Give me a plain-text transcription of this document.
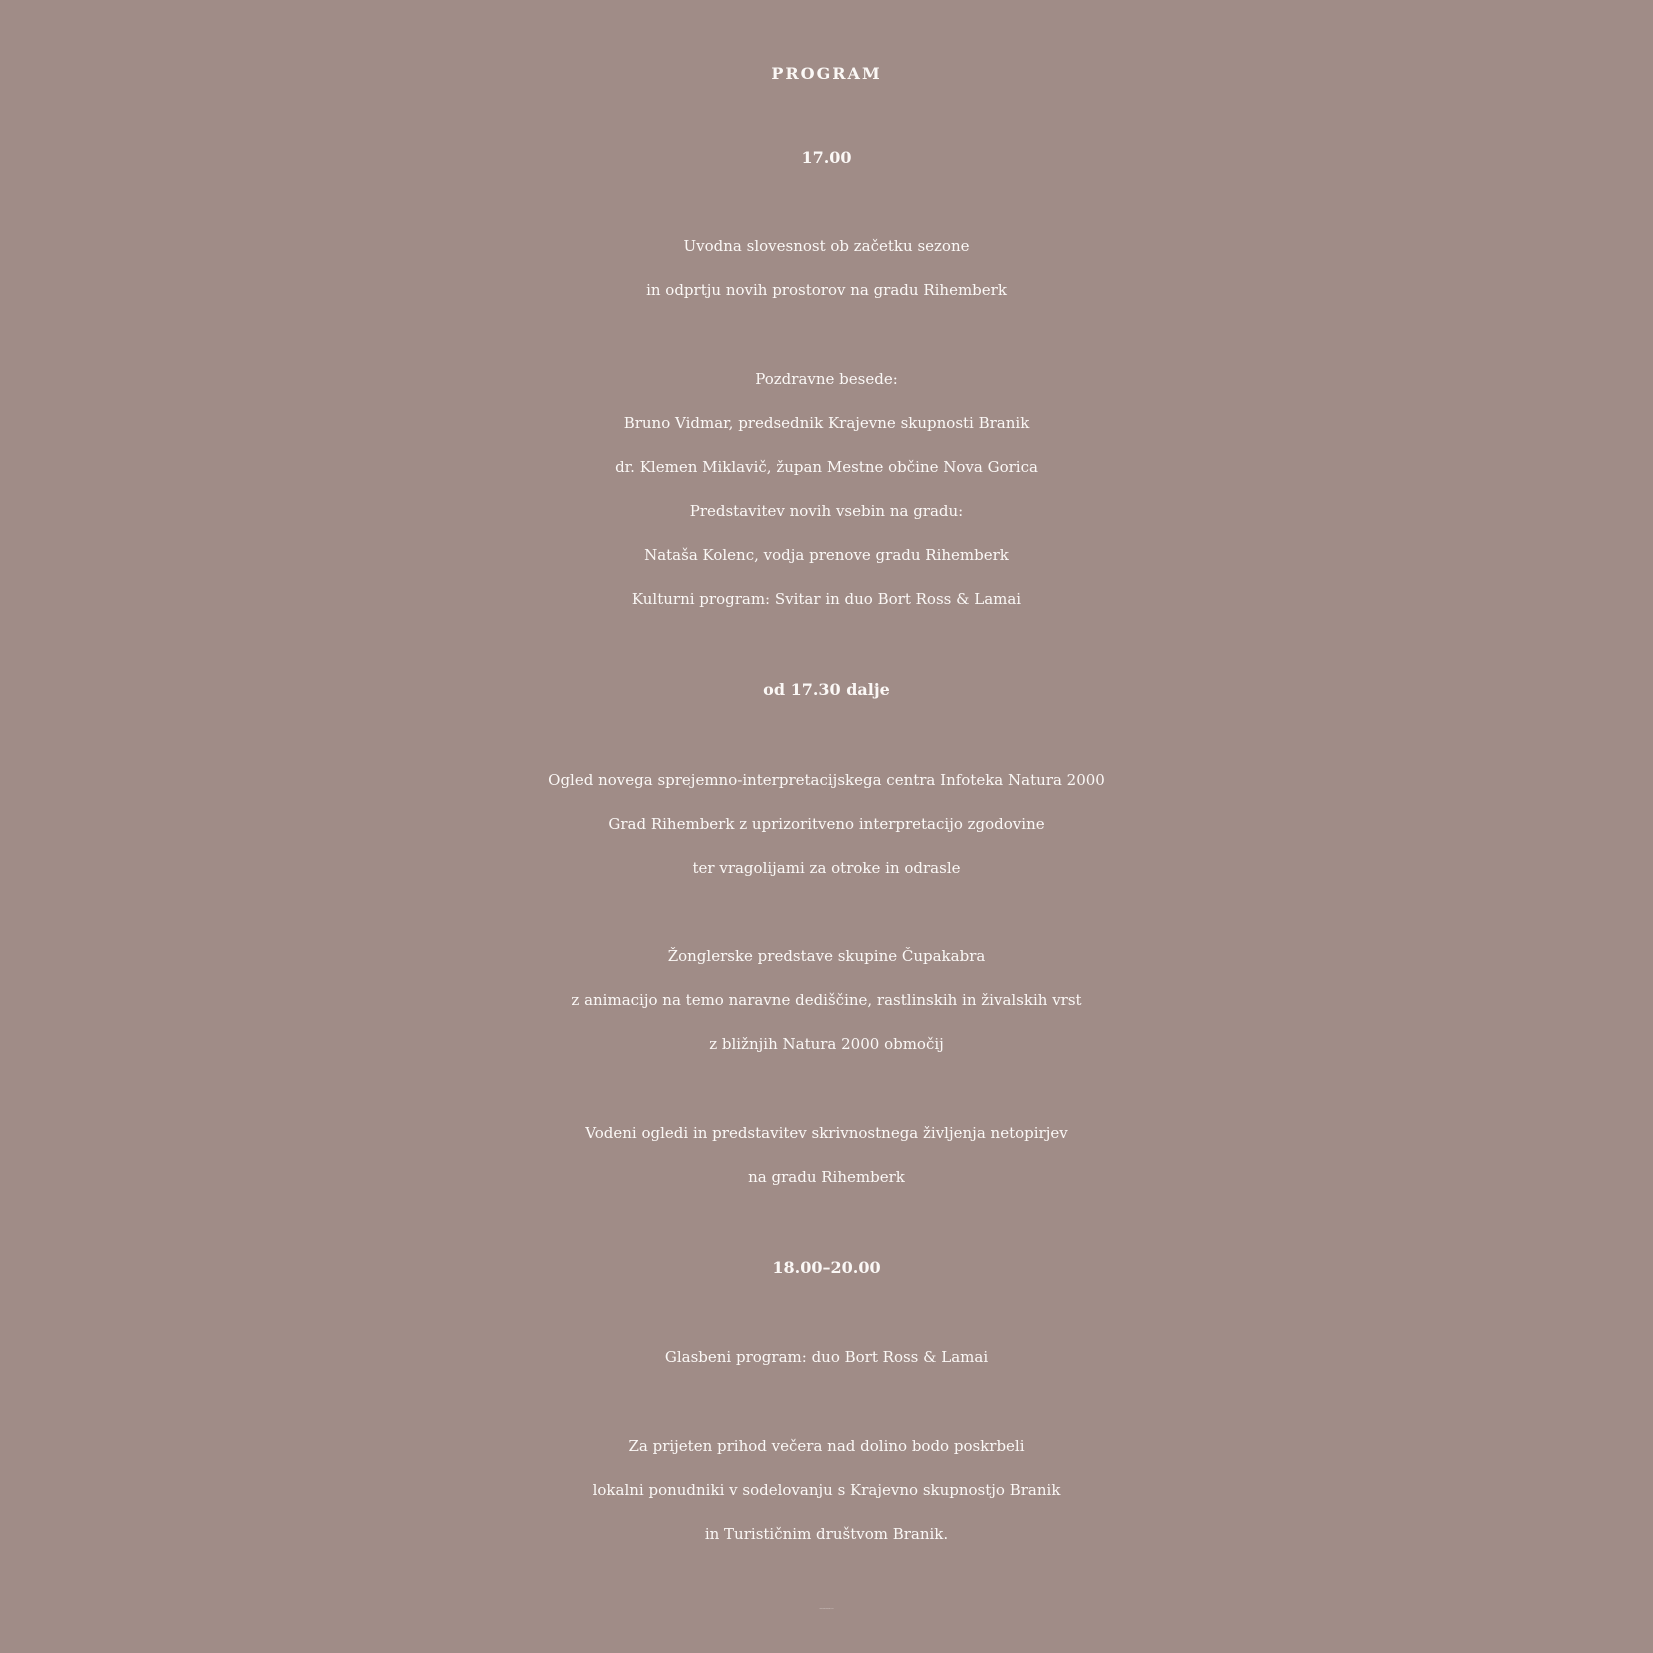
PROGRAM
17.00
Uvodna slovesnost ob začetku sezone
in odprtju novih prostorov na gradu Rihemberk
Pozdravne besede:
Bruno Vidmar, predsednik Krajevne skupnosti Branik
dr. Klemen Miklavič, župan Mestne občine Nova Gorica
Predstavitev novih vsebin na gradu:
Nataša Kolenc, vodja prenove gradu Rihemberk
Kulturni program: Svitar in duo Bort Ross & Lamai
od 17.30 dalje
Ogled novega sprejemno-interpretacijskega centra Infoteka Natura 2000
Grad Rihemberk z uprizoritveno interpretacijo zgodovine
ter vragolijami za otroke in odrasle
Žonglerske predstave skupine Čupakabra
z animacijo na temo naravne dediščine, rastlinskih in živalskih vrst
z bližnjih Natura 2000 območij
Vodeni ogledi in predstavitev skrivnostnega življenja netopirjev
na gradu Rihemberk
18.00–20.00
Glasbeni program: duo Bort Ross & Lamai
Za prijeten prihod večera nad dolino bodo poskrbeli
lokalni ponudniki v sodelovanju s Krajevno skupnostjo Branik
in Turističnim društvom Branik.
WWW.RIHEMBERK.COM
